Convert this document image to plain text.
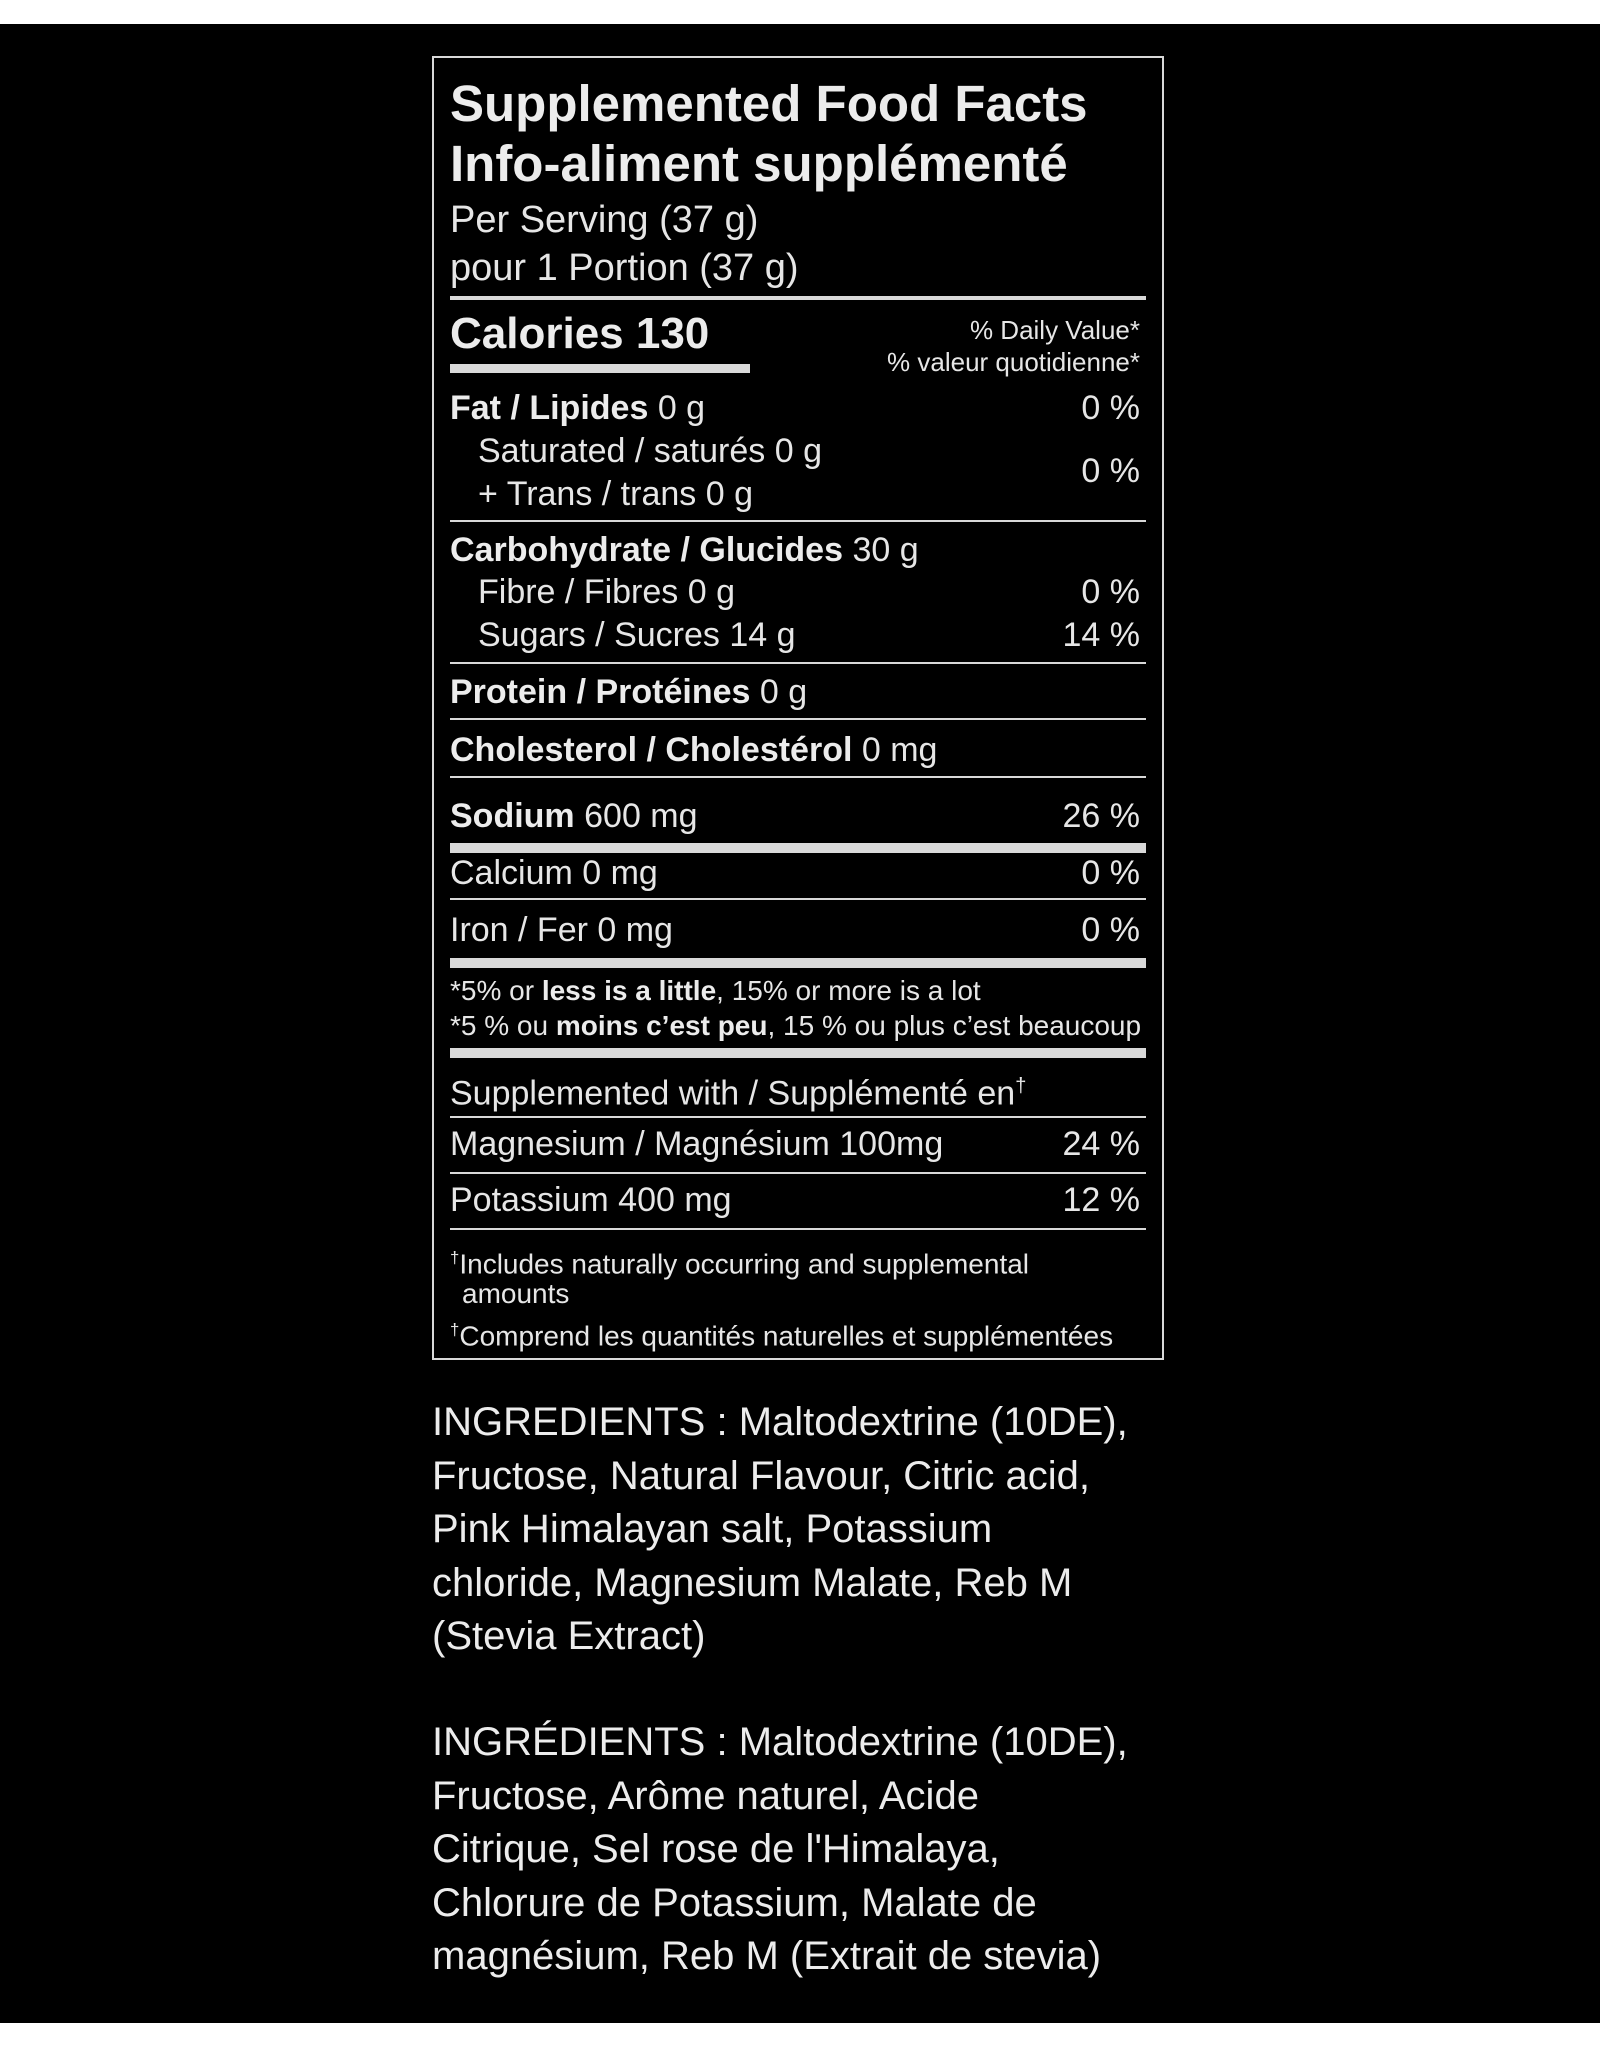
Supplemented Food Facts
Info-aliment supplémenté
Per Serving (37 g)
pour 1 Portion (37 g)
Calories 130	% Daily Value*
% valeur quotidienne*
Fat / Lipides 0 g	0 %
Saturated / saturés 0 g
+ Trans / trans 0 g
0 %
Carbohydrate / Glucides 30 g
Fibre / Fibres 0 g	0 %
Sugars / Sucres 14 g	14 %
Protein / Protéines 0 g
Cholesterol / Cholestérol 0 mg
Sodium 600 mg	26 %
Calcium 0 mg	0 %
Iron / Fer 0 mg	0 %
*5% or less is a little, 15% or more is a lot
*5 % ou moins c’est peu, 15 % ou plus c’est beaucoup
Supplemented with / Supplémenté en†
Magnesium / Magnésium 100mg	24 %
Potassium 400 mg	12 %
†Includes naturally occurring and supplemental
amounts
†Comprend les quantités naturelles et supplémentées
INGREDIENTS : Maltodextrine (10DE),
Fructose, Natural Flavour, Citric acid,
Pink Himalayan salt, Potassium
chloride, Magnesium Malate, Reb M
(Stevia Extract)
INGRÉDIENTS : Maltodextrine (10DE),
Fructose, Arôme naturel, Acide
Citrique, Sel rose de l'Himalaya,
Chlorure de Potassium, Malate de
magnésium, Reb M (Extrait de stevia)
